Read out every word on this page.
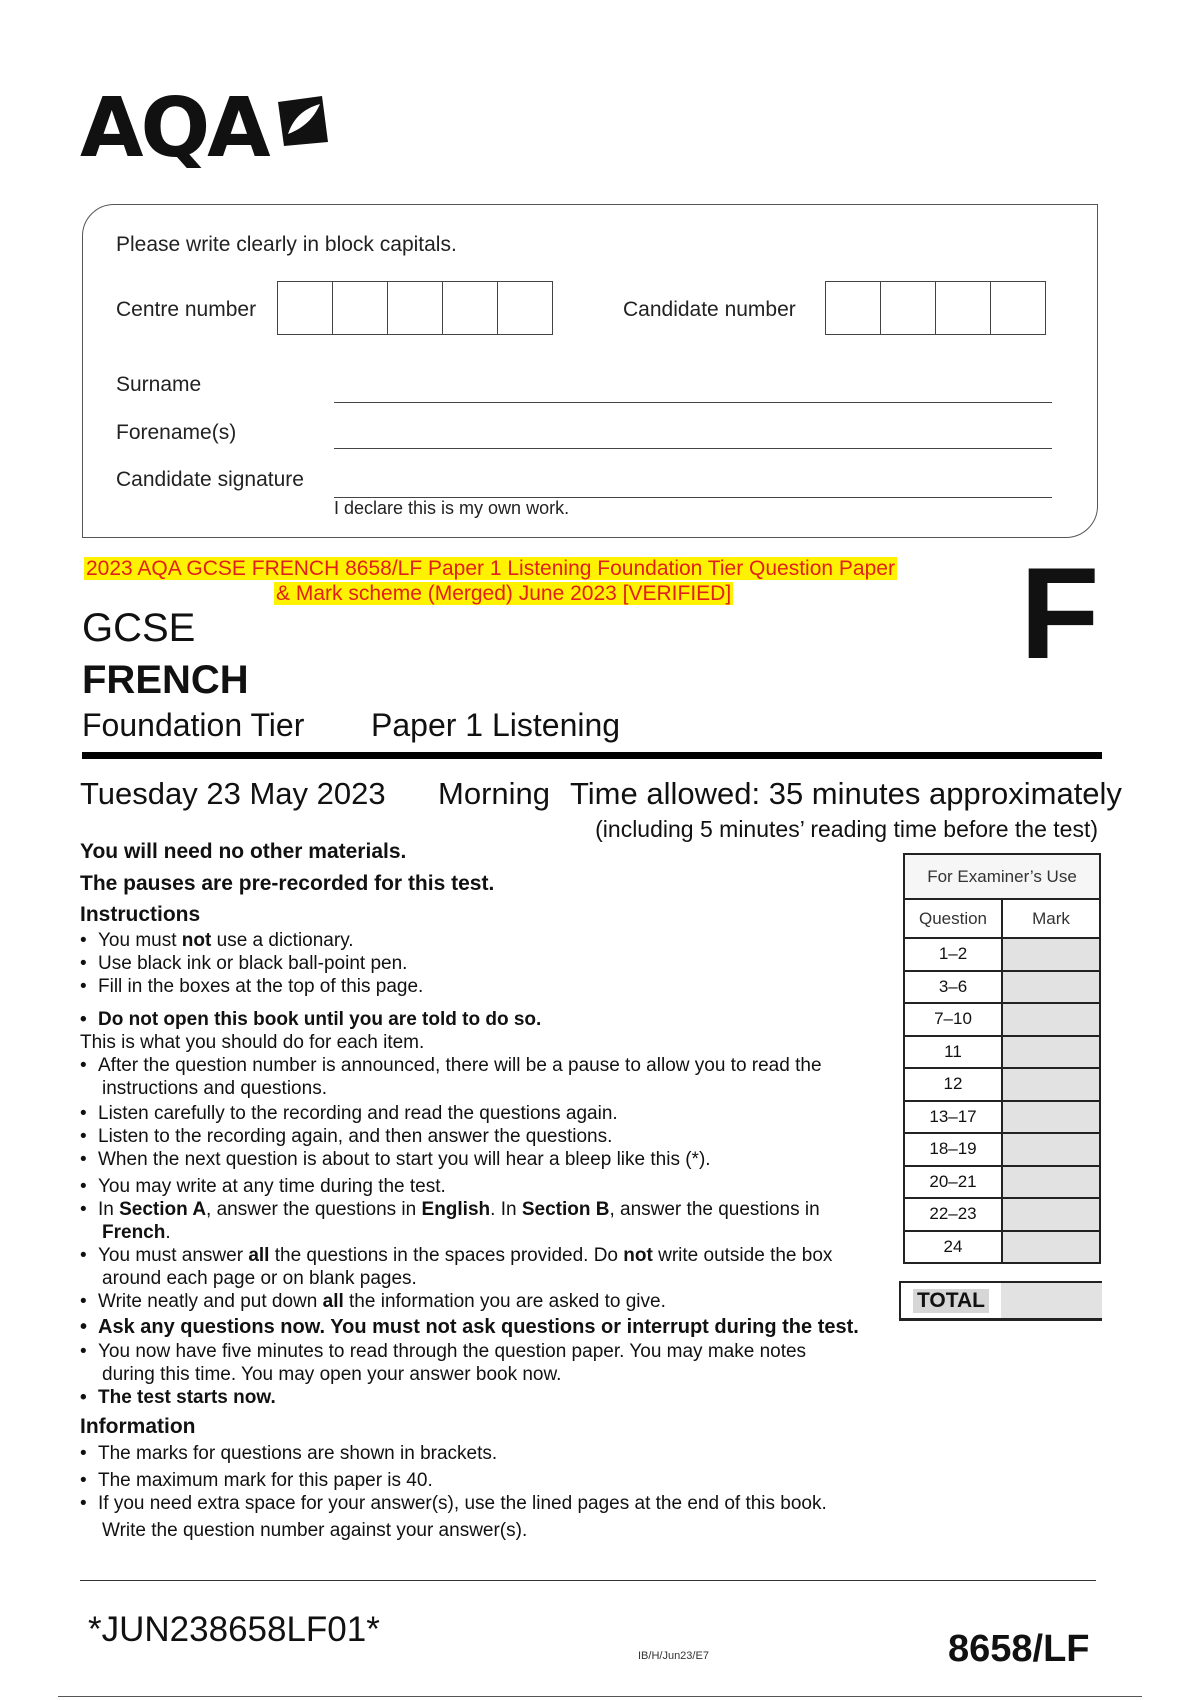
AQA
Please write clearly in block capitals.
Centre number	Candidate number
Surname
Forename(s)
Candidate signature
I declare this is my own work.
2023 AQA GCSE FRENCH 8658/LF Paper 1 Listening Foundation Tier Question Paper
& Mark scheme (Merged) June 2023 [VERIFIED] F
GCSE
FRENCH
Foundation Tier Paper 1 Listening
Tuesday 23 May 2023 Morning Time allowed: 35 minutes approximately
(including 5 minutes’ reading time before the test)
You will need no other materials.
The pauses are pre-recorded for this test.
Instructions
• You must not use a dictionary.
• Use black ink or black ball-point pen.
• Fill in the boxes at the top of this page.
• Do not open this book until you are told to do so.
This is what you should do for each item.
• After the question number is announced, there will be a pause to allow you to read the
instructions and questions.
• Listen carefully to the recording and read the questions again.
• Listen to the recording again, and then answer the questions.
• When the next question is about to start you will hear a bleep like this (*).
• You may write at any time during the test.
• In Section A, answer the questions in English. In Section B, answer the questions in
French.
• You must answer all the questions in the spaces provided. Do not write outside the box
around each page or on blank pages.
• Write neatly and put down all the information you are asked to give.
• Ask any questions now. You must not ask questions or interrupt during the test.
• You now have five minutes to read through the question paper. You may make notes
during this time. You may open your answer book now.
• The test starts now.
Information
• The marks for questions are shown in brackets.
• The maximum mark for this paper is 40.
• If you need extra space for your answer(s), use the lined pages at the end of this book.
Write the question number against your answer(s).
For Examiner’s Use	
Question	Mark
1–2	
3–6	
7–10	
11	
12	
13–17	
18–19	
20–21	
22–23	
24	
TOTAL
*JUN238658LF01*
IB/H/Jun23/E7	8658/LF
